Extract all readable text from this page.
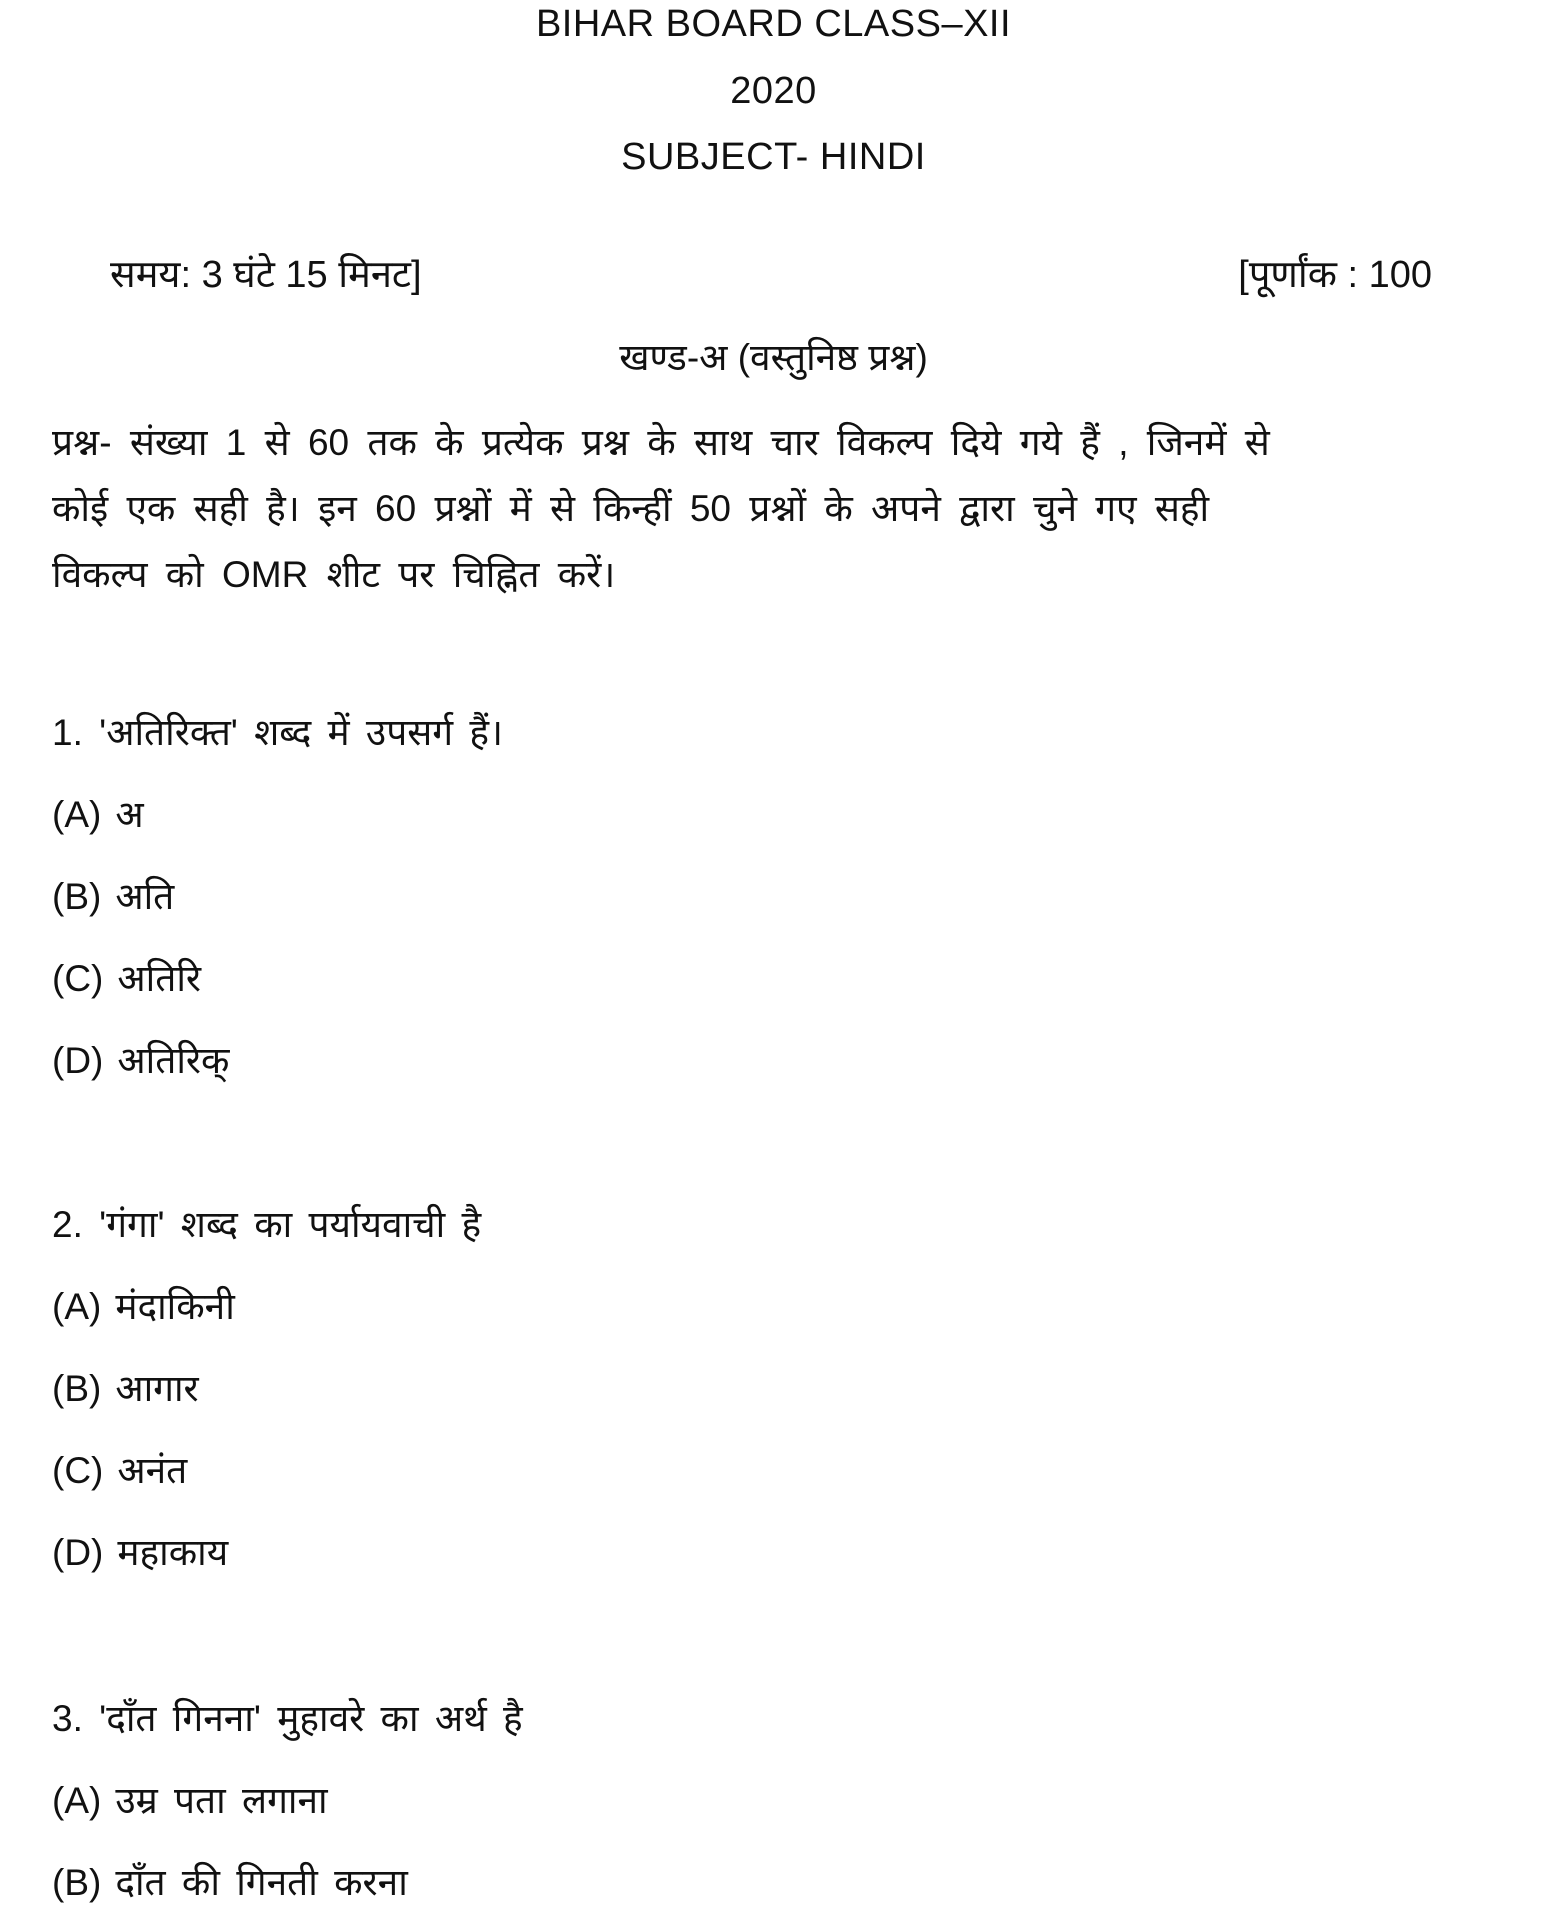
BIHAR BOARD CLASS–XII
2020
SUBJECT- HINDI
समय: 3 घंटे 15 मिनट]	[पूर्णांक : 100
खण्ड-अ (वस्तुनिष्ठ प्रश्न)
प्रश्न- संख्या 1 से 60 तक के प्रत्येक प्रश्न के साथ चार विकल्प दिये गये हैं , जिनमें से
कोई एक सही है। इन 60 प्रश्नों में से किन्हीं 50 प्रश्नों के अपने द्वारा चुने गए सही
विकल्प को OMR शीट पर चिह्नित करें।
1. 'अतिरिक्त' शब्द में उपसर्ग हैं।
(A) अ
(B) अति
(C) अतिरि
(D) अतिरिक्
2. 'गंगा' शब्द का पर्यायवाची है
(A) मंदाकिनी
(B) आगार
(C) अनंत
(D) महाकाय
3. 'दाँत गिनना' मुहावरे का अर्थ है
(A) उम्र पता लगाना
(B) दाँत की गिनती करना
